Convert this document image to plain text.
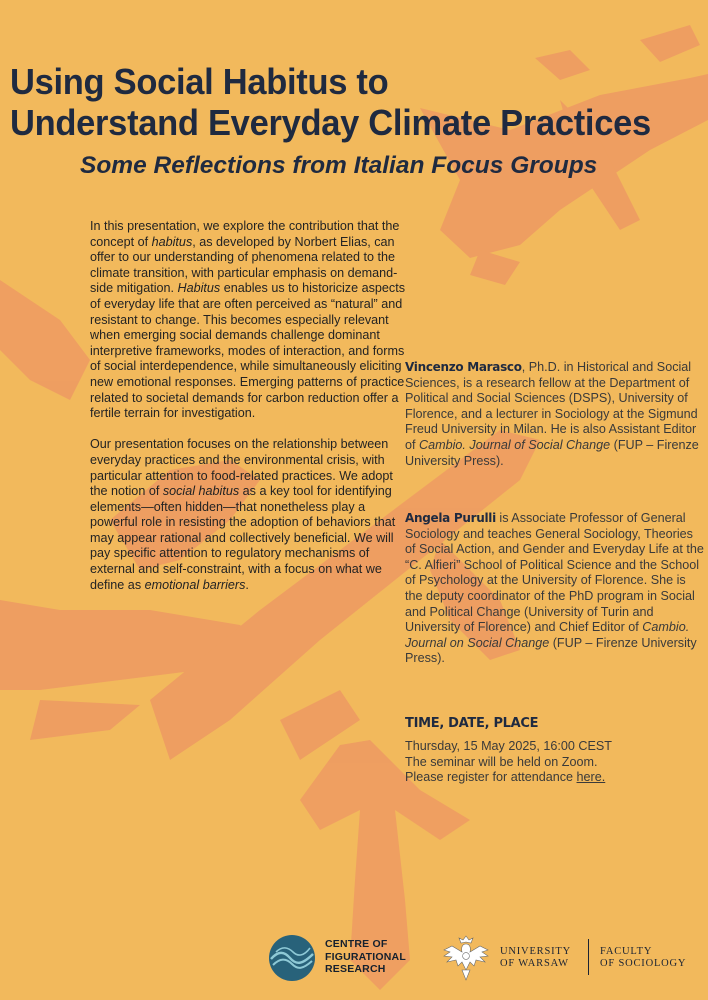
Using Social Habitus to
Understand Everyday Climate Practices
Some Reflections from Italian Focus Groups

In this presentation, we explore the contribution that the concept of habitus, as developed by Norbert Elias, can offer to our understanding of phenomena related to the climate transition, with particular emphasis on demand-side mitigation. Habitus enables us to historicize aspects of everyday life that are often perceived as “natural” and resistant to change. This becomes especially relevant when emerging social demands challenge dominant interpretive frameworks, modes of interaction, and forms of social interdependence, while simultaneously eliciting new emotional responses. Emerging patterns of practice related to societal demands for carbon reduction offer a fertile terrain for investigation.

Our presentation focuses on the relationship between everyday practices and the environmental crisis, with particular attention to food-related practices. We adopt the notion of social habitus as a key tool for identifying elements—often hidden—that nonetheless play a powerful role in resisting the adoption of behaviors that may appear rational and collectively beneficial. We will pay specific attention to regulatory mechanisms of external and self-constraint, with a focus on what we define as emotional barriers.

Vincenzo Marasco, Ph.D. in Historical and Social Sciences, is a research fellow at the Department of Political and Social Sciences (DSPS), University of Florence, and a lecturer in Sociology at the Sigmund Freud University in Milan. He is also Assistant Editor of Cambio. Journal of Social Change (FUP – Firenze University Press).

Angela Purulli is Associate Professor of General Sociology and teaches General Sociology, Theories of Social Action, and Gender and Everyday Life at the “C. Alfieri” School of Political Science and the School of Psychology at the University of Florence. She is the deputy coordinator of the PhD program in Social and Political Change (University of Turin and University of Florence) and Chief Editor of Cambio. Journal on Social Change (FUP – Firenze University Press).

TIME, DATE, PLACE
Thursday, 15 May 2025, 16:00 CEST
The seminar will be held on Zoom.
Please register for attendance here.
CENTRE OF
FIGURATIONAL
RESEARCH
UNIVERSITY
OF WARSAW
FACULTY
OF SOCIOLOGY
